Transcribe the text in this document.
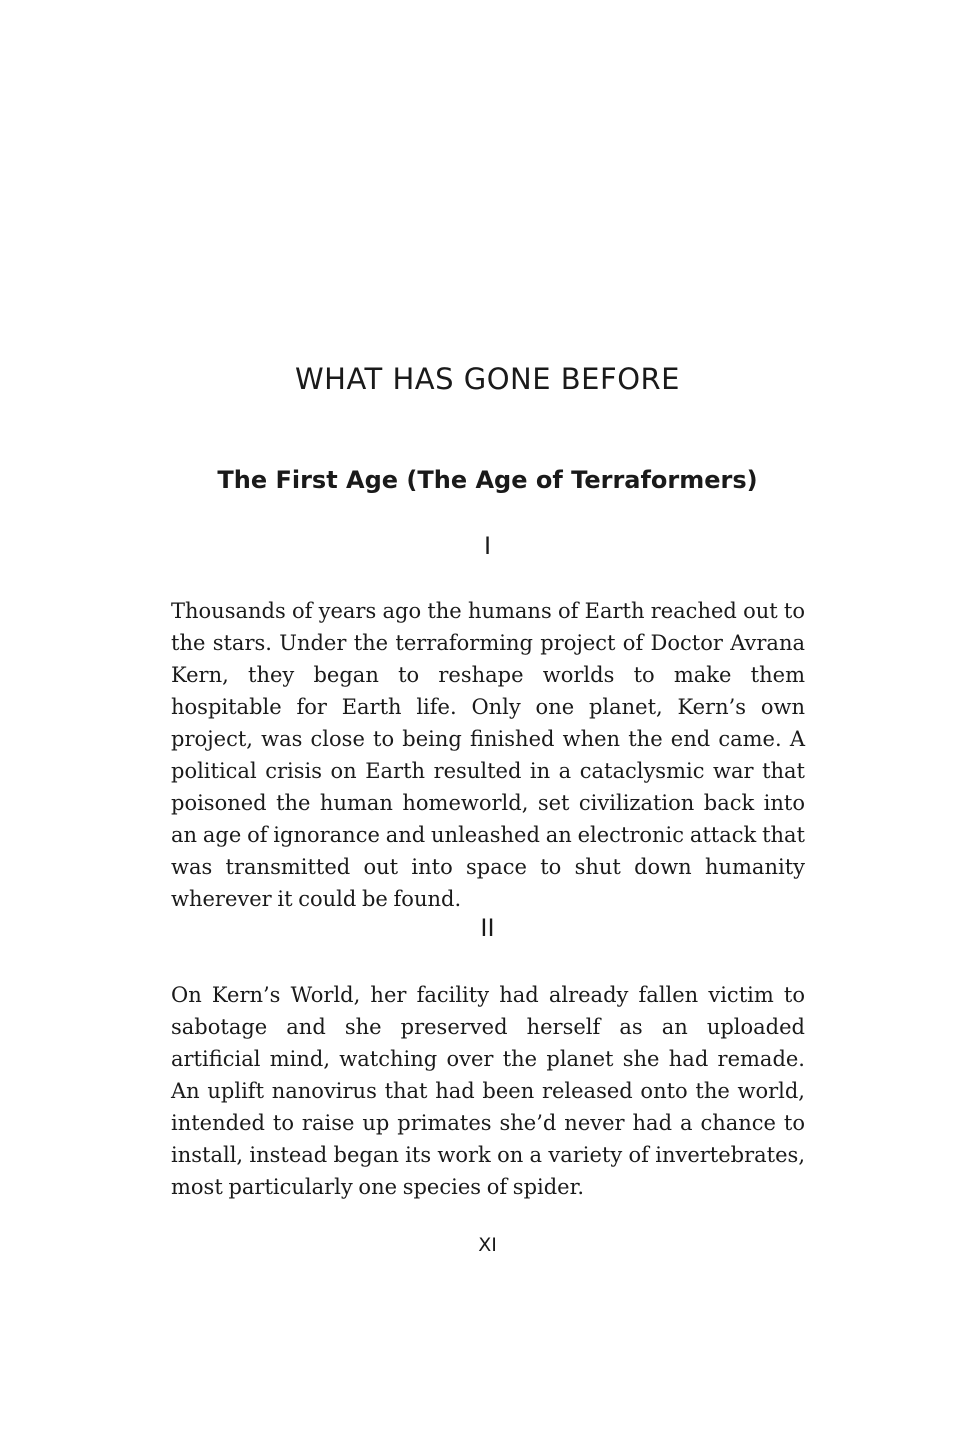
WHAT HAS GONE BEFORE
The First Age (The Age of Terraformers)
I

Thousands of years ago the humans of Earth reached out to the stars. Under the terraforming project of Doctor Avrana Kern, they began to reshape worlds to make them hospitable for Earth life. Only one planet, Kern’s own project, was close to being finished when the end came. A political crisis on Earth resulted in a cataclysmic war that poisoned the human homeworld, set civilization back into an age of ignorance and unleashed an electronic attack that was transmitted out into space to shut down humanity wherever it could be found.

II

On Kern’s World, her facility had already fallen victim to sabotage and she preserved herself as an uploaded artificial mind, watching over the planet she had remade. An uplift nanovirus that had been released onto the world, intended to raise up primates she’d never had a chance to install, instead began its work on a variety of invertebrates, most particularly one species of spider.

XI
